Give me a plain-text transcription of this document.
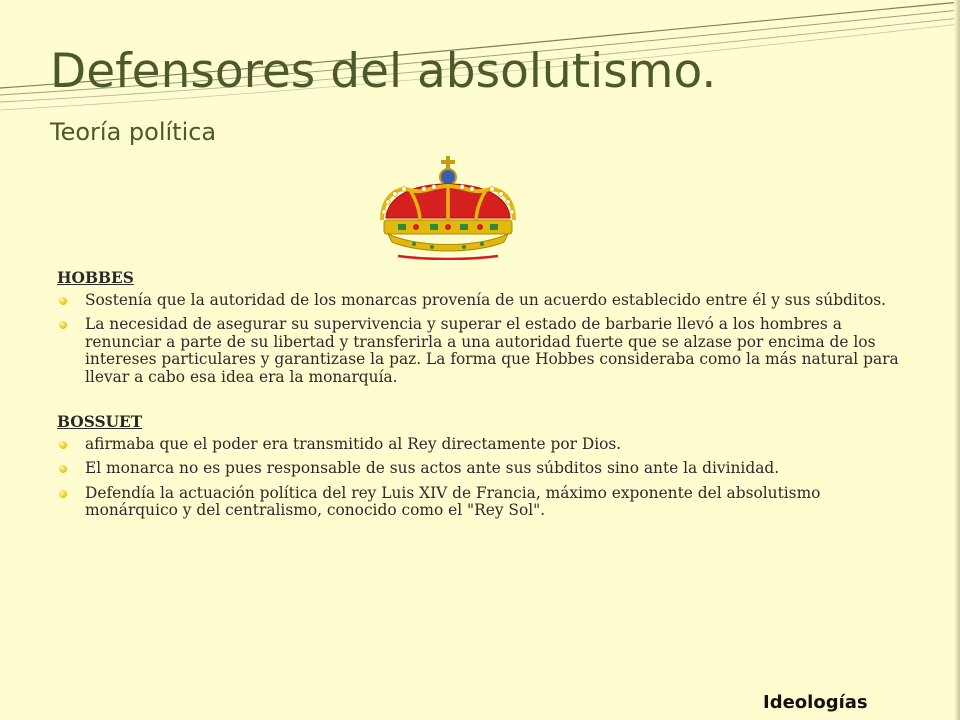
Defensores del absolutismo.
Teoría política

HOBBES

Sostenía que la autoridad de los monarcas provenía de un acuerdo establecido entre él y sus súbditos.
La necesidad de asegurar su supervivencia y superar el estado de barbarie llevó a los hombres a renunciar a parte de su libertad y transferirla a una autoridad fuerte que se alzase por encima de los intereses particulares y garantizase la paz. La forma que Hobbes consideraba como la más natural para llevar a cabo esa idea era la monarquía.

BOSSUET

afirmaba que el poder era transmitido al Rey directamente por Dios.
El monarca no es pues responsable de sus actos ante sus súbditos sino ante la divinidad.
Defendía la actuación política del rey Luis XIV de Francia, máximo exponente del absolutismo monárquico y del centralismo, conocido como el "Rey Sol".

Ideologías
